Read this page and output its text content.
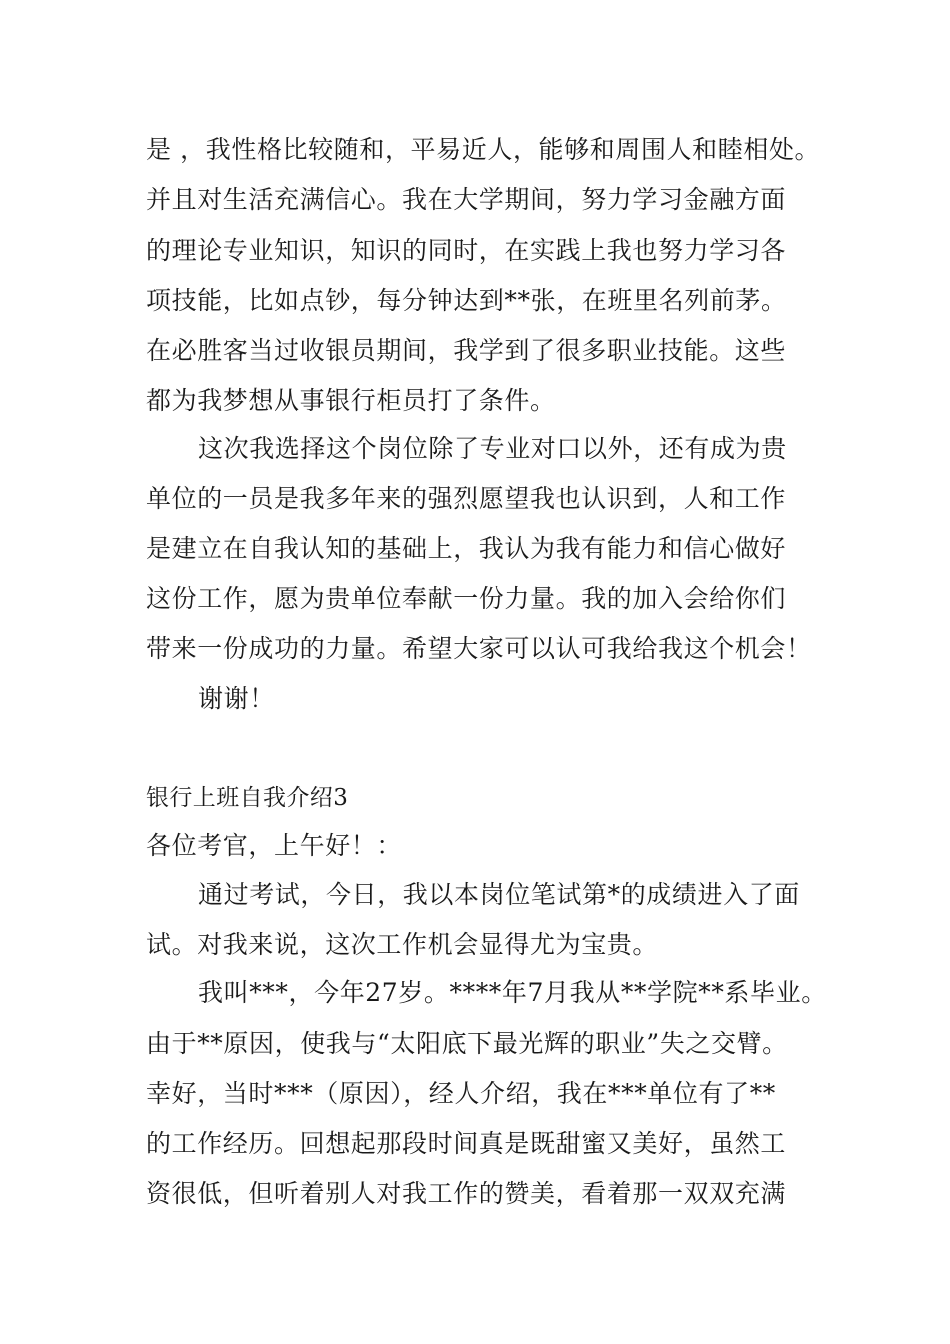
是 ，我性格比较随和，平易近人，能够和周围人和睦相处。
并且对生活充满信心。我在大学期间，努力学习金融方面
的理论专业知识，知识的同时，在实践上我也努力学习各
项技能，比如点钞，每分钟达到**张，在班里名列前茅。
在必胜客当过收银员期间，我学到了很多职业技能。这些
都为我梦想从事银行柜员打了条件。
这次我选择这个岗位除了专业对口以外，还有成为贵
单位的一员是我多年来的强烈愿望我也认识到，人和工作
是建立在自我认知的基础上，我认为我有能力和信心做好
这份工作，愿为贵单位奉献一份力量。我的加入会给你们
带来一份成功的力量。希望大家可以认可我给我这个机会！
谢谢！
银行上班自我介绍3
各位考官，上午好！：
通过考试，今日，我以本岗位笔试第*的成绩进入了面
试。对我来说，这次工作机会显得尤为宝贵。
我叫***，今年27岁。****年7月我从**学院**系毕业。
由于**原因，使我与“太阳底下最光辉的职业”失之交臂。
幸好，当时***（原因），经人介绍，我在***单位有了**
的工作经历。回想起那段时间真是既甜蜜又美好，虽然工
资很低，但听着别人对我工作的赞美，看着那一双双充满
